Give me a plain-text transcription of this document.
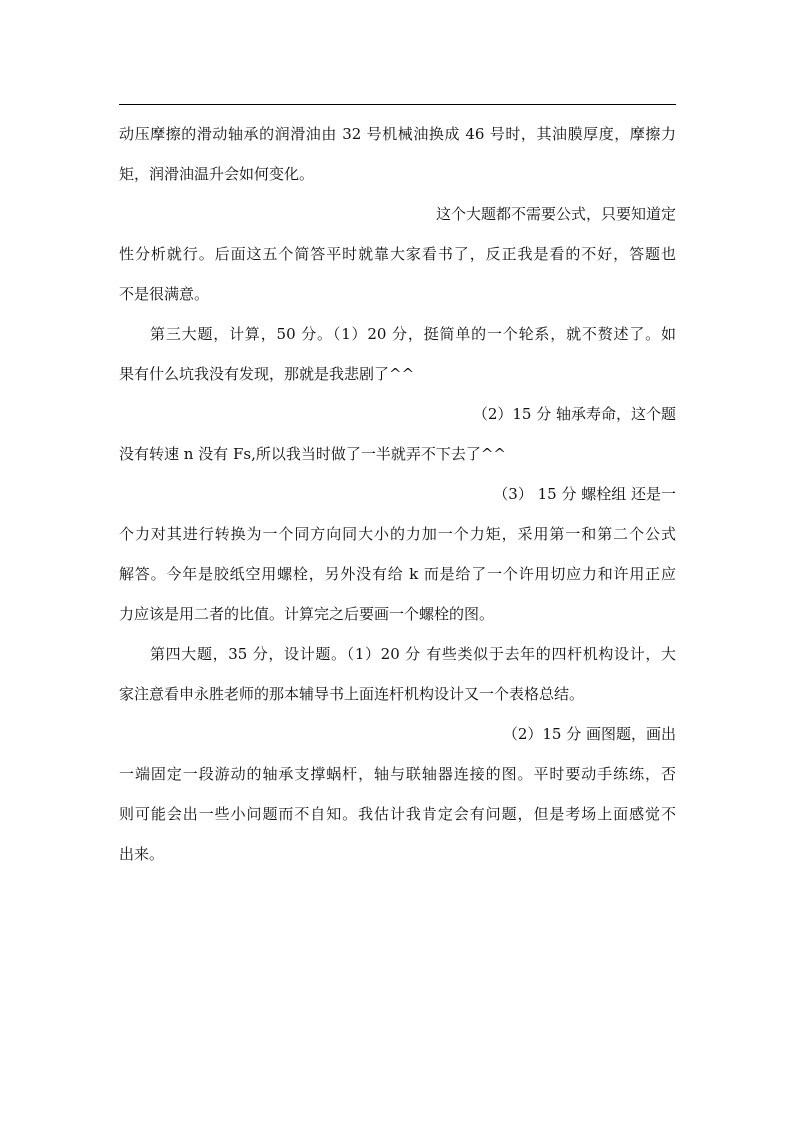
动压摩擦的滑动轴承的润滑油由 32 号机械油换成 46 号时，其油膜厚度，摩擦力
矩，润滑油温升会如何变化。
这个大题都不需要公式，只要知道定
性分析就行。后面这五个简答平时就靠大家看书了，反正我是看的不好，答题也
不是很满意。
第三大题，计算，50 分。（1）20 分，挺简单的一个轮系，就不赘述了。如
果有什么坑我没有发现，那就是我悲剧了^^
（2）15 分 轴承寿命，这个题
没有转速 n 没有 Fs,所以我当时做了一半就弄不下去了^^
（3） 15 分 螺栓组 还是一
个力对其进行转换为一个同方向同大小的力加一个力矩，采用第一和第二个公式
解答。今年是胶纸空用螺栓，另外没有给 k 而是给了一个许用切应力和许用正应
力应该是用二者的比值。计算完之后要画一个螺栓的图。
第四大题，35 分，设计题。（1）20 分 有些类似于去年的四杆机构设计，大
家注意看申永胜老师的那本辅导书上面连杆机构设计又一个表格总结。
（2）15 分 画图题，画出
一端固定一段游动的轴承支撑蜗杆，轴与联轴器连接的图。平时要动手练练，否
则可能会出一些小问题而不自知。我估计我肯定会有问题，但是考场上面感觉不
出来。
